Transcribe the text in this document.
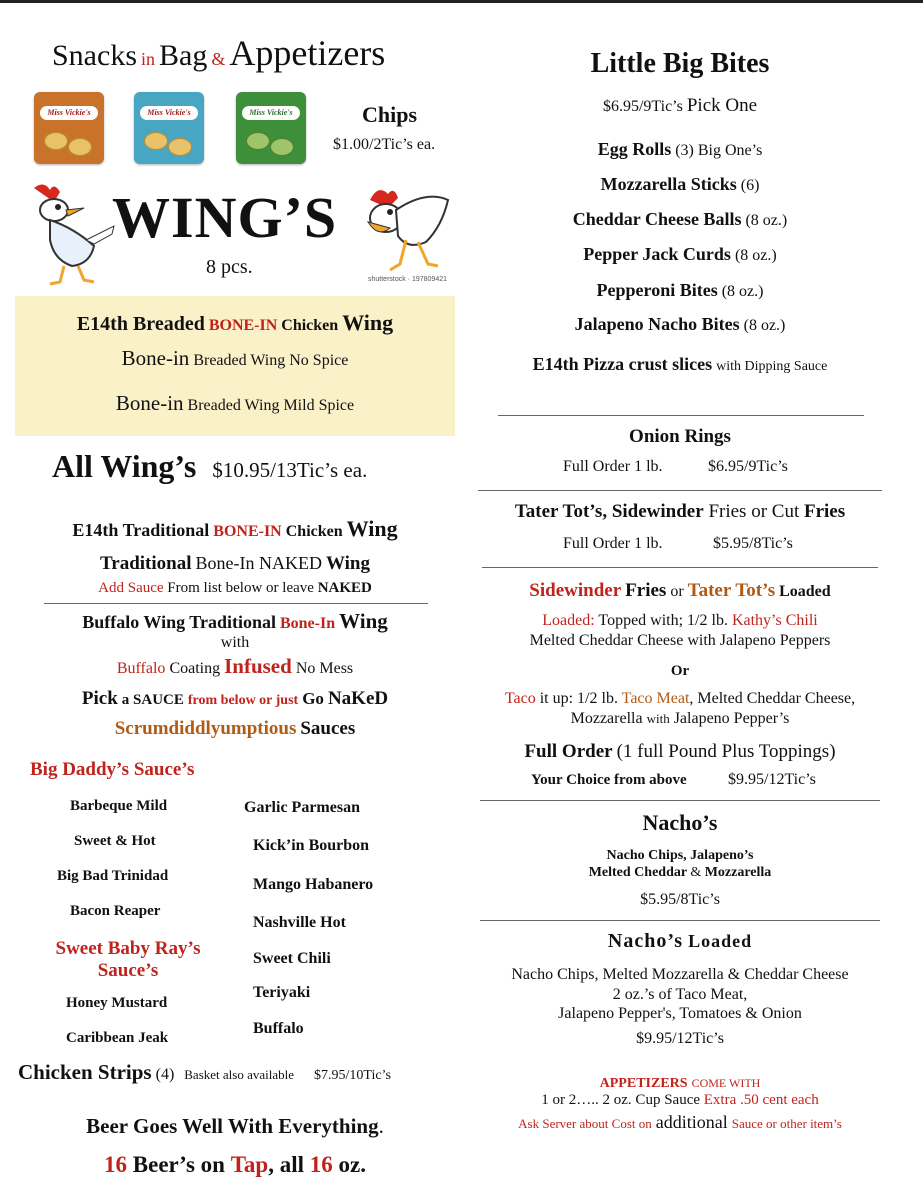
Snacks in Bag & Appetizers
Miss Vickie's	Miss Vickie's	Miss Vickie's	Chips
$1.00/2Tic’s ea.
shutterstock · 197809421
WING’S
8 pcs.
E14th Breaded BONE-IN Chicken Wing
Bone-in Breaded Wing No Spice
Bone-in Breaded Wing Mild Spice
All Wing’s $10.95/13Tic’s ea.
E14th Traditional BONE-IN Chicken Wing
Traditional Bone-In NAKED Wing
Add Sauce From list below or leave NAKED
Buffalo Wing Traditional Bone-In Wing
with
Buffalo Coating Infused No Mess
Pick a SAUCE from below or just Go NaKeD
Scrumdiddlyumptious Sauces
Big Daddy’s Sauce’s
Barbeque Mild
Sweet & Hot
Big Bad Trinidad
Bacon Reaper
Sweet Baby Ray’s
Sauce’s
Honey Mustard
Caribbean Jeak
Garlic Parmesan
Kick’in Bourbon
Mango Habanero
Nashville Hot
Sweet Chili
Teriyaki
Buffalo
Chicken Strips (4) Basket also available $7.95/10Tic’s
Beer Goes Well With Everything.
16 Beer’s on Tap, all 16 oz.
Little Big Bites
$6.95/9Tic’s Pick One
Egg Rolls (3) Big One’s
Mozzarella Sticks (6)
Cheddar Cheese Balls (8 oz.)
Pepper Jack Curds (8 oz.)
Pepperoni Bites (8 oz.)
Jalapeno Nacho Bites (8 oz.)
E14th Pizza crust slices with Dipping Sauce
Onion Rings
Full Order 1 lb.	$6.95/9Tic’s
Tater Tot’s, Sidewinder Fries or Cut Fries
Full Order 1 lb.	$5.95/8Tic’s
Sidewinder Fries or Tater Tot’s Loaded
Loaded: Topped with; 1/2 lb. Kathy’s Chili
Melted Cheddar Cheese with Jalapeno Peppers
Or
Taco it up: 1/2 lb. Taco Meat, Melted Cheddar Cheese,
Mozzarella with Jalapeno Pepper’s
Full Order (1 full Pound Plus Toppings)
Your Choice from above	$9.95/12Tic’s
Nacho’s
Nacho Chips, Jalapeno’s
Melted Cheddar & Mozzarella
$5.95/8Tic’s
Nacho’s Loaded
Nacho Chips, Melted Mozzarella & Cheddar Cheese
2 oz.’s of Taco Meat,
Jalapeno Pepper's, Tomatoes & Onion
$9.95/12Tic’s
APPETIZERS COME WITH
1 or 2….. 2 oz. Cup Sauce Extra .50 cent each
Ask Server about Cost on additional Sauce or other item’s
